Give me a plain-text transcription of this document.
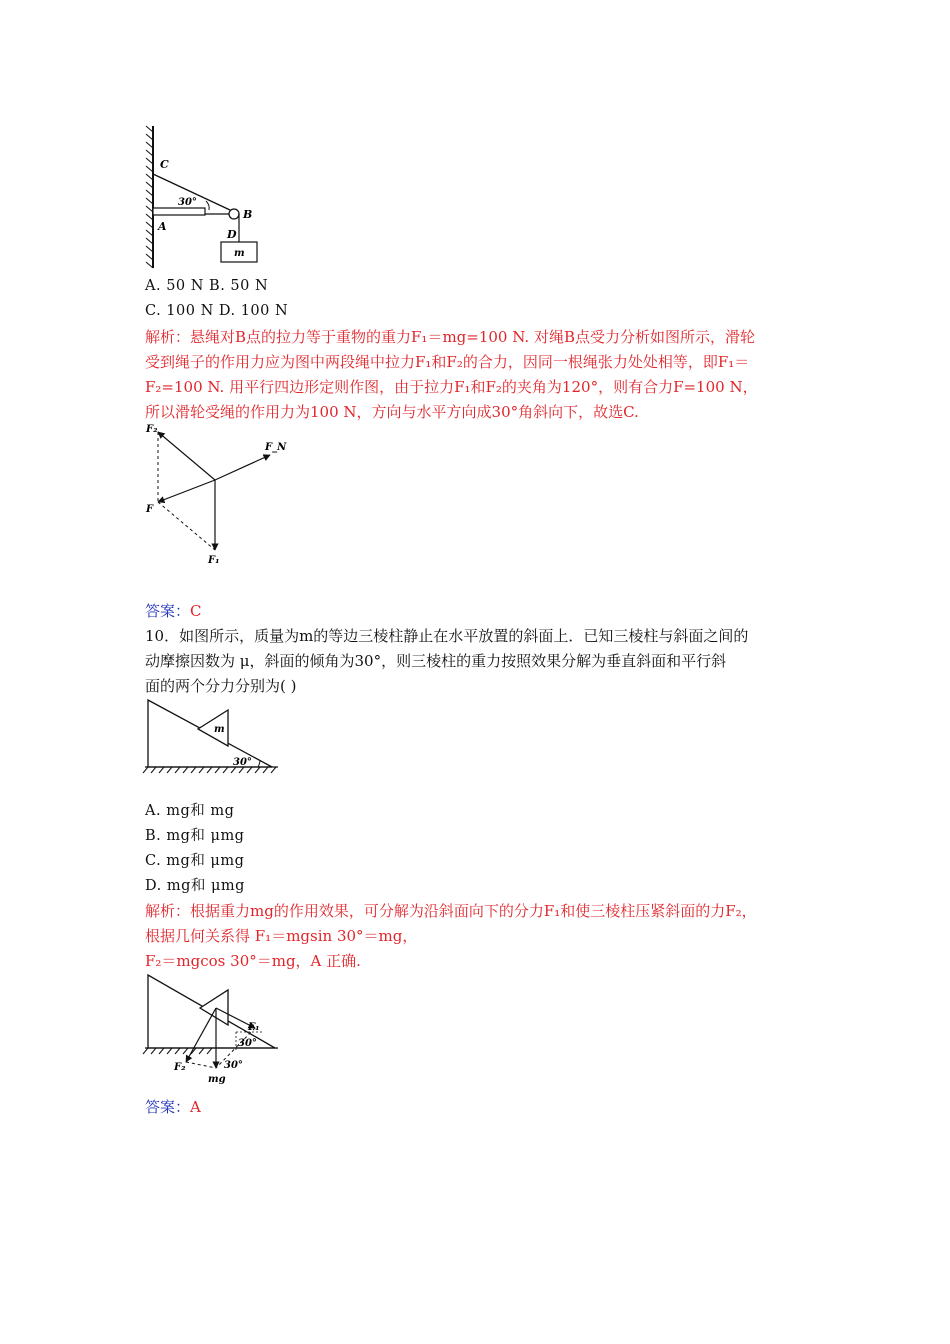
C
A
B
D
m
30°
A. 50 N B. 50 N
C. 100 N D. 100 N
解析：悬绳对B点的拉力等于重物的重力F₁＝mg=100 N. 对绳B点受力分析如图所示，滑轮
受到绳子的作用力应为图中两段绳中拉力F₁和F₂的合力，因同一根绳张力处处相等，即F₁＝
F₂=100 N. 用平行四边形定则作图，由于拉力F₁和F₂的夹角为120°，则有合力F=100 N，
所以滑轮受绳的作用力为100 N，方向与水平方向成30°角斜向下，故选C.
F₂
F_N
F
F₁
答案：C
10．如图所示，质量为m的等边三棱柱静止在水平放置的斜面上．已知三棱柱与斜面之间的
动摩擦因数为 μ，斜面的倾角为30°，则三棱柱的重力按照效果分解为垂直斜面和平行斜
面的两个分力分别为( )
m
30°
A. mg和 mg
B. mg和 μmg
C. mg和 μmg
D. mg和 μmg
解析：根据重力mg的作用效果，可分解为沿斜面向下的分力F₁和使三棱柱压紧斜面的力F₂，
根据几何关系得 F₁＝mgsin 30°＝mg，
F₂＝mgcos 30°＝mg，A 正确.
F₁
F₂
mg
30°
30°
答案：A
